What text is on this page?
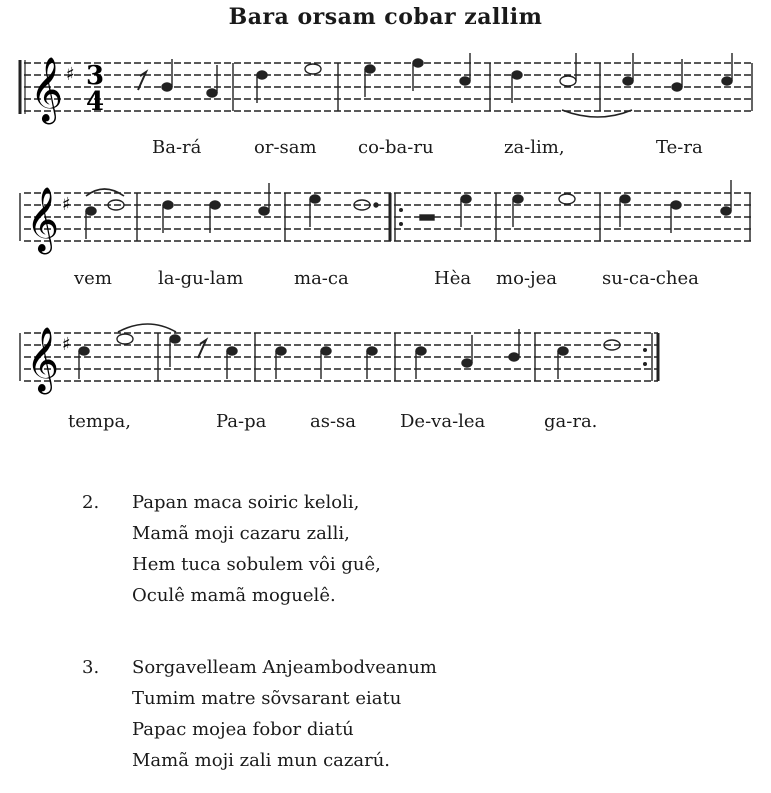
Bara orsam cobar zallim
𝄞 ♯ 3
4
Ba-rá	or-sam co-ba-ru	za-lim,	Te-ra
𝄞 ♯
vem	la-gu-lam	ma-ca	Hèa mo-jea	su-ca-chea
𝄞 ♯
tempa,	Pa-pa as-sa De-va-lea	ga-ra.
2.	Papan maca soiric keloli,
Mamã moji cazaru zalli,
Hem tuca sobulem vôi guê,
Oculê mamã moguelê.
3.	Sorgavelleam Anjeambodveanum
Tumim matre sõvsarant eiatu
Papac mojea fobor diatú
Mamã moji zali mun cazarú.
